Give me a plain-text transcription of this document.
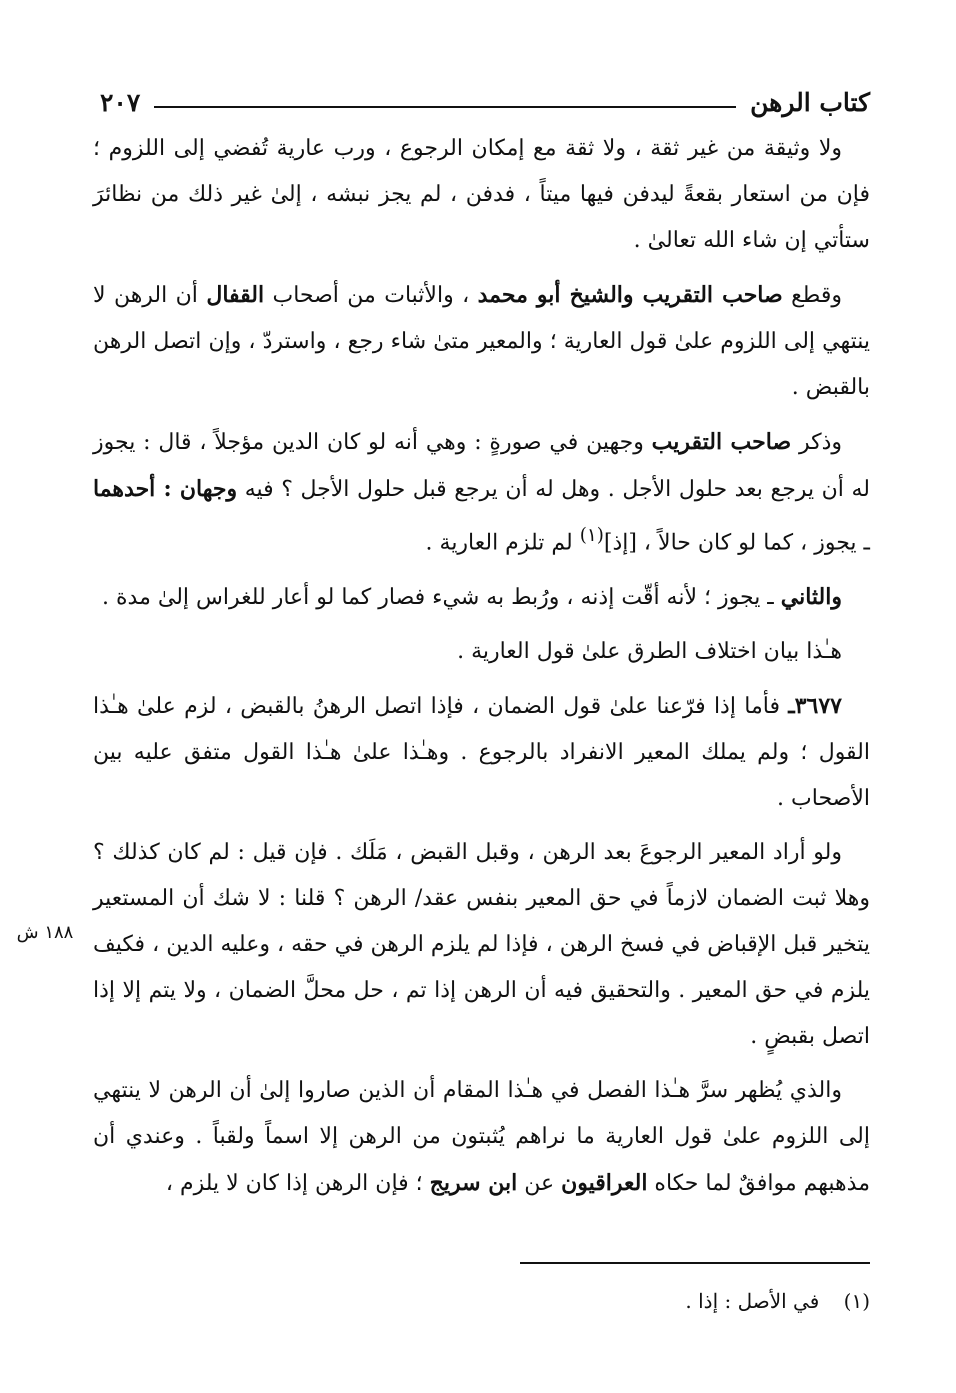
كتاب الرهن
٢٠٧

ولا وثيقة من غير ثقة ، ولا ثقة مع إمكان الرجوع ، ورب عارية تُفضي إلى اللزوم ؛ فإن من استعار بقعةً ليدفن فيها ميتاً ، فدفن ، لم يجز نبشه ، إلىٰ غير ذلك من نظائرَ ستأتي إن شاء الله تعالىٰ .

وقطع صاحب التقريب والشيخ أبو محمد ، والأثبات من أصحاب القفال أن الرهن لا ينتهي إلى اللزوم علىٰ قول العارية ؛ والمعير متىٰ شاء رجع ، واستردّ ، وإن اتصل الرهن بالقبض .

وذكر صاحب التقريب وجهين في صورةٍ : وهي أنه لو كان الدين مؤجلاً ، قال : يجوز له أن يرجع بعد حلول الأجل . وهل له أن يرجع قبل حلول الأجل ؟ فيه وجهان : أحدهما ـ يجوز ، كما لو كان حالاً ، [إذ]$^{(١)}$ لم تلزم العارية .

والثاني ـ يجوز ؛ لأنه أقّت إذنه ، ورُبط به شيء فصار كما لو أعار للغراس إلىٰ مدة .

هـٰذا بيان اختلاف الطرق علىٰ قول العارية .

٣٦٧٧ـ فأما إذا فرّعنا علىٰ قول الضمان ، فإذا اتصل الرهنُ بالقبض ، لزم علىٰ هـٰذا القول ؛ ولم يملك المعير الانفراد بالرجوع . وهـٰذا علىٰ هـٰذا القول متفق عليه بين الأصحاب .

ولو أراد المعير الرجوعَ بعد الرهن ، وقبل القبض ، مَلَك . فإن قيل : لم كان كذلك ؟ وهلا ثبت الضمان لازماً في حق المعير بنفس عقد/ الرهن ؟ قلنا : لا شك أن المستعير يتخير قبل الإقباض في فسخ الرهن ، فإذا لم يلزم الرهن في حقه ، وعليه الدين ، فكيف يلزم في حق المعير . والتحقيق فيه أن الرهن إذا تم ، حل محلَّ الضمان ، ولا يتم إلا إذا اتصل بقبضٍ .

والذي يُظهر سرَّ هـٰذا الفصل في هـٰذا المقام أن الذين صاروا إلىٰ أن الرهن لا ينتهي إلى اللزوم علىٰ قول العارية ما نراهم يُثبتون من الرهن إلا اسماً ولقباً . وعندي أن مذهبهم موافقٌ لما حكاه العراقيون عن ابن سريج ؛ فإن الرهن إذا كان لا يلزم ،

١٨٨ ش
(١) في الأصل : إذا .
